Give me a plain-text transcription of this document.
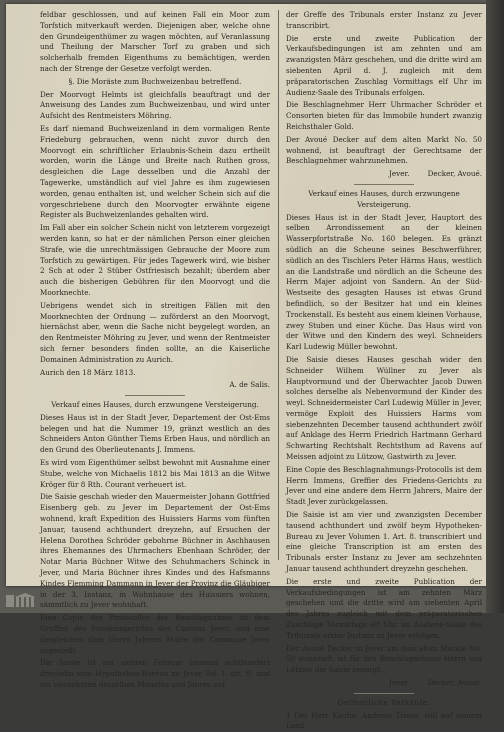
feldbar geschlossen, und auf keinen Fall ein Moor zum Torfstich mitverkauft werden. Diejenigen aber, welche ohne den Grundeigenthümer zu wagen möchten, auf Veranlassung und Theilung der Marscher Torf zu graben und sich solcherhalb fremden Eigenthums zu bemächtigen, werden nach der Strenge der Gesetze verfolgt werden.

§. Die Moräste zum Buchweizenbau betreffend.

Der Moorvogt Helmts ist gleichfalls beauftragt und der Anweisung des Landes zum Buchweizenbau, und wird unter Aufsicht des Rentmeisters Möhring.

Es darf niemand Buchweizenland in dem vormaligen Rente Friedeburg gebrauchen, wenn nicht zuvor durch den Moorvogt ein schriftlicher Erlaubnis-Schein dazu ertheilt worden, worin die Länge und Breite nach Ruthen gross, desgleichen die Lage desselben und die Anzahl der Tagewerke, umständlich auf viel Jahre es ihm zugewiesen worden, genau enthalten ist, und welcher Schein sich auf die vorgeschriebene durch den Moorvogter erwähnte eigene Register als Buchweizenlandes gehalten wird.

Im Fall aber ein solcher Schein nicht von letzterem vorgezeigt werden kann, so hat er der nämlichen Person einer gleichen Strafe, wie die unrechtmässigen Gebrauche der Moore zum Torfstich zu gewärtigen. Für jedes Tagewerk wird, wie bisher 2 Sch at oder 2 Stüber Ostfriesisch bezahlt; überdem aber auch die bisherigen Gebühren für den Moorvogt und die Moorknechte.

Uebrigens wendet sich in streitigen Fällen mit den Moorknechten der Ordnung — zuförderst an den Moorvogt, hiernächst aber, wenn die Sache nicht beygelegt worden, an den Rentmeister Möhring zu Jever, und wenn der Rentmeister sich ferner besonders finden sollte, an die Kaiserliche Domainen Administration zu Aurich.

Aurich den 18 März 1813.

A. de Salis.

Verkauf eines Hauses, durch erzwungene Versteigerung.

Dieses Haus ist in der Stadt Jever, Departement der Ost-Ems belegen und hat die Nummer 19, gränzt westlich an des Schneiders Anton Günther Tiems Erben Haus, und nördlich an den Grund des Oberlieutenants J. Immens.

Es wird vom Eigenthümer selbst bewohnt mit Ausnahme einer Stube, welche von Michaelis 1812 bis Mai 1813 an die Witwe Kröger für 8 Rth. Courant verheuert ist.

Die Saisie geschah wieder den Mauermeister Johann Gottfried Eisenberg geb. zu Jever im Departement der Ost-Ems wohnend, kraft Expedition des Huissiers Harms vom fünften Januar, tausend achthundert dreyzehn, auf Ersuchen der Helena Dorothea Schröder gebohrne Büchner in Aschhausen ihres Ehemannes des Uhrmachers Ebenhaan Schröder, der Notar Maria Büchner Witwe des Schuhmachers Schinck in Jever, und Maria Büchner ihres Kindes und des Hafsmanns Kindes Flemming Dammann in Jever der Provinz die Gläubiger in der 3. Instanz, in Wohnhause des Huissiers wohnen, sämmtlich zu Jever wohnhaft.

Eine Copie des Protocolles der Beschlagnahme ist dem Greffier des Friedensgerichts des Cantons Jever, und eine desgleichen dem Herrn Jahrers Maire der Commune Jever zugestellt.

Die Saisie ist am siebten Februar tausend achthundert dreyzehn vom Hypotheken-Bureau zu Jever Vol. I. art. 9, und am vierzehnten desselben Monaths und Jahres auf

der Greffe des Tribunals erster Instanz zu Jever transcribirt.

Die erste und zweite Publication der Verkaufsbedingungen ist am zehnten und am zwanzigsten März geschehen, und die dritte wird am siebenten April d. J. zugleich mit dem präparatorischen Zuschlag Vormittags elf Uhr im Audienz-Saale des Tribunals erfolgen.

Die Beschlagnehmer Herr Uhrmacher Schröder et Consorten bieten für das Immobile hundert zwanzig Reichsthaler Gold.

Der Avoué Decker auf dem alten Markt No. 50 wohnend, ist beauftragt der Gerechtsame der Beschlagnehmer wahrzunehmen.

Jever.	Decker, Avoué.

Verkauf eines Hauses, durch erzwungene Versteigerung.

Dieses Haus ist in der Stadt Jever, Hauptort des selben Arrondissement an der kleinen Wasserpfortstraße No. 160 belegen. Es gränzt südlich an die Scheune seines Beschwerführer, südlich an des Tischlers Peter Härms Haus, westlich an die Landstraße und nördlich an die Scheune des Herrn Majer adjoint von Sandern. An der Süd-Westseite des gesagten Hauses ist etwas Grund befindlich, so der Besitzer hat und ein kleines Trockenstall. Es besteht aus einem kleinen Vorhause, zwey Stuben und einer Küche. Das Haus wird von der Witwe und den Kindern des weyl. Schneiders Karl Ludewig Müller bewohnt.

Die Saisie dieses Hauses geschah wider den Schneider Wilhem Wüllner zu Jever als Hauptvormund und der Überwachter Jacob Duwen solches derselbe als Nebenvormund der Kinder des weyl. Schneidermeister Carl Ludewig Müller in Jever, vermöge Exploit des Huissiers Harms vom siebenzehnten December tausend achthundert zwölf auf Anklage des Herrn Friedrich Hartmann Gerhard Schwarting Rechtshalt Rechtsthum ad Ravens auf Meissen adjoint zu Lützow, Gastwirth zu Jever.

Eine Copie des Beschlagnahmungs-Protocolls ist dem Herrn Immens, Greffier des Friedens-Gerichts zu Jever und eine andere dem Herrn Jahrers, Maire der Stadt Jever zurückgelassen.

Die Saisie ist am vier und zwanzigsten December tausend achthundert und zwölf beym Hypotheken-Bureau zu Jever Volumen 1. Art. 8. transcribiert und eine gleiche Transcription ist am ersten des Tribunals erster Instanz zu Jever am sechzehnten Januar tausend achthundert dreyzehn geschehen.

Die erste und zweite Publication der Verkaufsbedingungen ist am zehnten März geschehen und die dritte wird am siebenten April des Jahres zugleich mit dem präparatorischen Zuschlage Vormittags elf Uhr im Audienz-Saale des Tribunals erster Instanz zu Jever erfolgen.

Der Avoué Decker in Jever am dem alten Markte No. 50 wohnhaft, ist für den Beschlagnehmer Herrn von Lützow die Saisie besorgt.

Jever.	Decker, Avoué.

Oeffentliche Verkäufe.

1 Der Herr Kaufm. Andreas Triese, will auf seinem Land
